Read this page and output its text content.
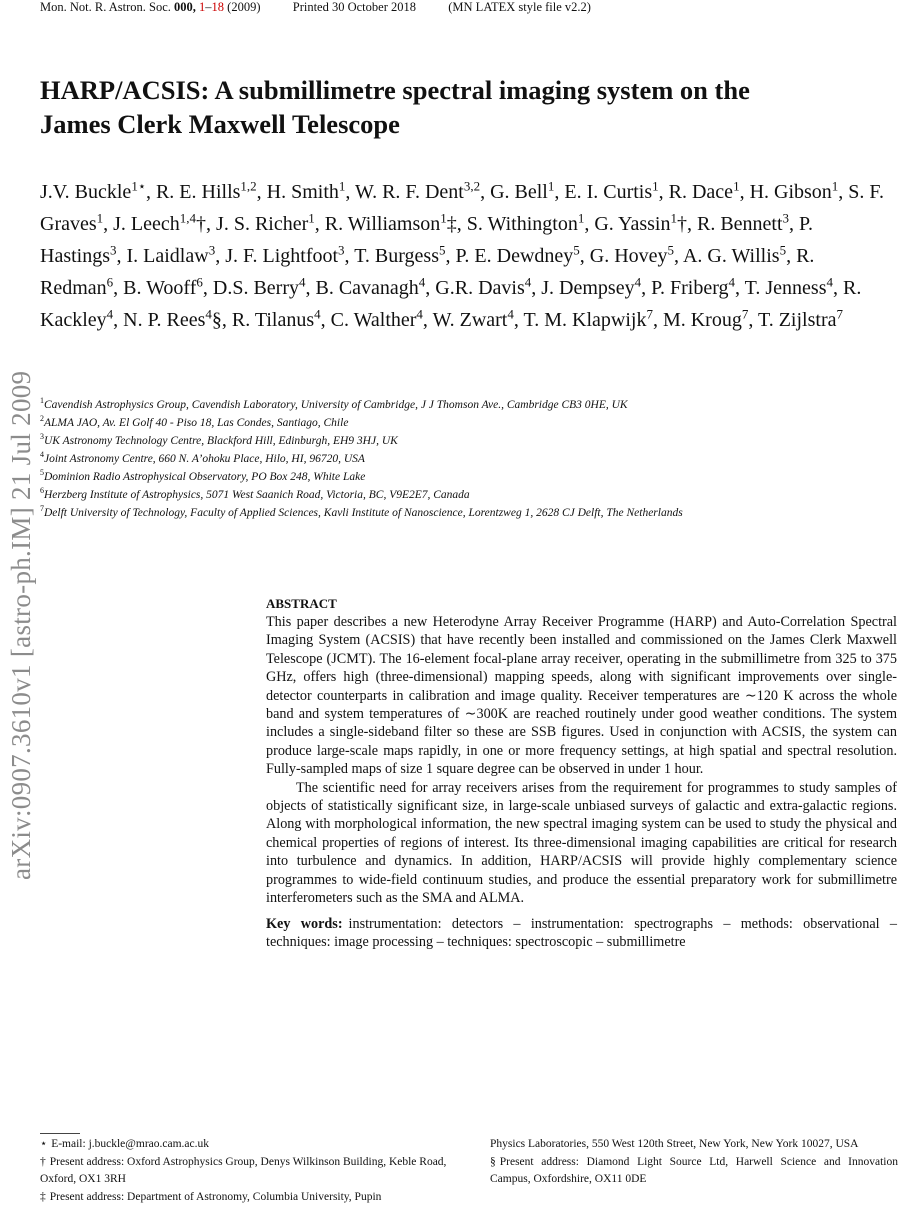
Mon. Not. R. Astron. Soc. 000, 1–18 (2009)	Printed 30 October 2018	(MN LATEX style file v2.2)
arXiv:0907.3610v1 [astro-ph.IM] 21 Jul 2009
HARP/ACSIS: A submillimetre spectral imaging system on the
James Clerk Maxwell Telescope
J.V. Buckle$^{1⋆}$, R. E. Hills$^{1,2}$, H. Smith$^1$, W. R. F. Dent$^{3,2}$, G. Bell$^1$, E. I. Curtis$^1$, R. Dace$^1$, H. Gibson$^1$, S. F. Graves$^1$, J. Leech$^{1,4}$†, J. S. Richer$^1$, R. Williamson$^1$‡, S. Withington$^1$, G. Yassin$^1$†, R. Bennett$^3$, P. Hastings$^3$, I. Laidlaw$^3$, J. F. Lightfoot$^3$, T. Burgess$^5$, P. E. Dewdney$^5$, G. Hovey$^5$, A. G. Willis$^5$, R. Redman$^6$, B. Wooff$^6$, D.S. Berry$^4$, B. Cavanagh$^4$, G.R. Davis$^4$, J. Dempsey$^4$, P. Friberg$^4$, T. Jenness$^4$, R. Kackley$^4$, N. P. Rees$^4$§, R. Tilanus$^4$, C. Walther$^4$, W. Zwart$^4$, T. M. Klapwijk$^7$, M. Kroug$^7$, T. Zijlstra$^7$
$^1$Cavendish Astrophysics Group, Cavendish Laboratory, University of Cambridge, J J Thomson Ave., Cambridge CB3 0HE, UK
$^2$ALMA JAO, Av. El Golf 40 - Piso 18, Las Condes, Santiago, Chile
$^3$UK Astronomy Technology Centre, Blackford Hill, Edinburgh, EH9 3HJ, UK
$^4$Joint Astronomy Centre, 660 N. A’ohoku Place, Hilo, HI, 96720, USA
$^5$Dominion Radio Astrophysical Observatory, PO Box 248, White Lake
$^6$Herzberg Institute of Astrophysics, 5071 West Saanich Road, Victoria, BC, V9E2E7, Canada
$^7$Delft University of Technology, Faculty of Applied Sciences, Kavli Institute of Nanoscience, Lorentzweg 1, 2628 CJ Delft, The Netherlands
ABSTRACT

This paper describes a new Heterodyne Array Receiver Programme (HARP) and Auto-Correlation Spectral Imaging System (ACSIS) that have recently been installed and commissioned on the James Clerk Maxwell Telescope (JCMT). The 16-element focal-plane array receiver, operating in the submillimetre from 325 to 375 GHz, offers high (three-dimensional) mapping speeds, along with significant improvements over single-detector counterparts in calibration and image quality. Receiver temperatures are ∼120 K across the whole band and system temperatures of ∼300K are reached routinely under good weather conditions. The system includes a single-sideband filter so these are SSB figures. Used in conjunction with ACSIS, the system can produce large-scale maps rapidly, in one or more frequency settings, at high spatial and spectral resolution. Fully-sampled maps of size 1 square degree can be observed in under 1 hour.

The scientific need for array receivers arises from the requirement for programmes to study samples of objects of statistically significant size, in large-scale unbiased surveys of galactic and extra-galactic regions. Along with morphological information, the new spectral imaging system can be used to study the physical and chemical properties of regions of interest. Its three-dimensional imaging capabilities are critical for research into turbulence and dynamics. In addition, HARP/ACSIS will provide highly complementary science programmes to wide-field continuum studies, and produce the essential preparatory work for submillimetre interferometers such as the SMA and ALMA.

Key words: instrumentation: detectors – instrumentation: spectrographs – methods: observational – techniques: image processing – techniques: spectroscopic – submillimetre

⋆ E-mail: j.buckle@mrao.cam.ac.uk

† Present address: Oxford Astrophysics Group, Denys Wilkinson Building, Keble Road, Oxford, OX1 3RH

‡ Present address: Department of Astronomy, Columbia University, Pupin

Physics Laboratories, 550 West 120th Street, New York, New York 10027, USA

§ Present address: Diamond Light Source Ltd, Harwell Science and Innovation Campus, Oxfordshire, OX11 0DE
